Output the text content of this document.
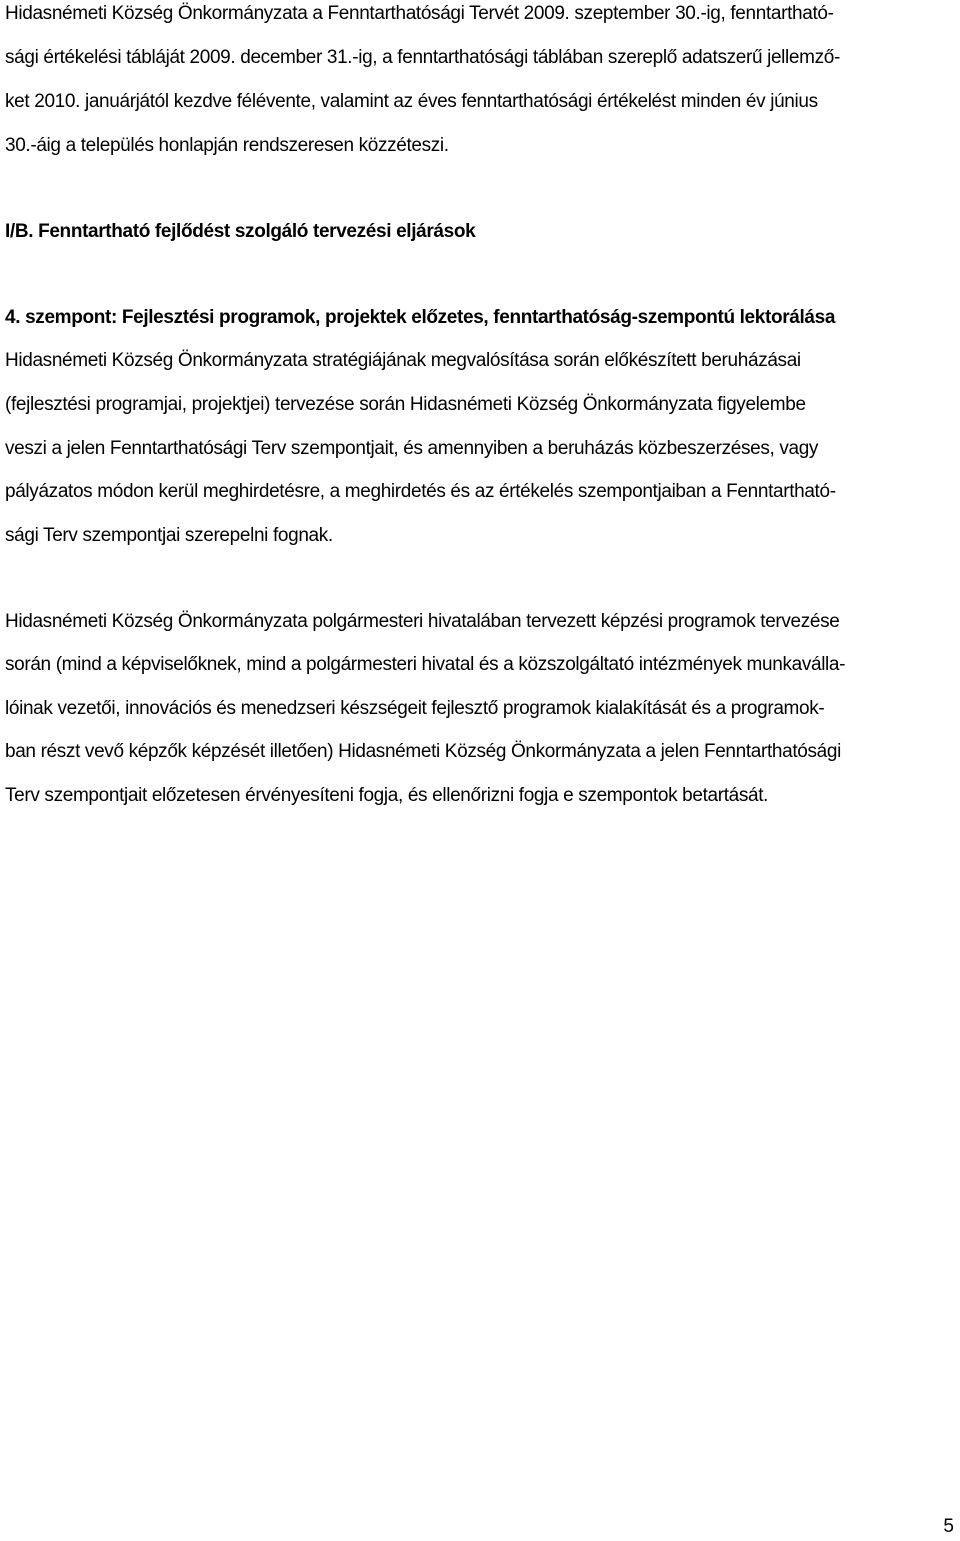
Hidasnémeti Község Önkormányzata a Fenntarthatósági Tervét 2009. szeptember 30.-ig, fenntartható-
sági értékelési tábláját 2009. december 31.-ig, a fenntarthatósági táblában szereplő adatszerű jellemző-
ket 2010. januárjától kezdve félévente, valamint az éves fenntarthatósági értékelést minden év június
30.-áig a település honlapján rendszeresen közzéteszi.
I/B. Fenntartható fejlődést szolgáló tervezési eljárások
4. szempont: Fejlesztési programok, projektek előzetes, fenntarthatóság-szempontú lektorálása
Hidasnémeti Község Önkormányzata stratégiájának megvalósítása során előkészített beruházásai
(fejlesztési programjai, projektjei) tervezése során Hidasnémeti Község Önkormányzata figyelembe
veszi a jelen Fenntarthatósági Terv szempontjait, és amennyiben a beruházás közbeszerzéses, vagy
pályázatos módon kerül meghirdetésre, a meghirdetés és az értékelés szempontjaiban a Fenntartható-
sági Terv szempontjai szerepelni fognak.
Hidasnémeti Község Önkormányzata polgármesteri hivatalában tervezett képzési programok tervezése
során (mind a képviselőknek, mind a polgármesteri hivatal és a közszolgáltató intézmények munkaválla-
lóinak vezetői, innovációs és menedzseri készségeit fejlesztő programok kialakítását és a programok-
ban részt vevő képzők képzését illetően) Hidasnémeti Község Önkormányzata a jelen Fenntarthatósági
Terv szempontjait előzetesen érvényesíteni fogja, és ellenőrizni fogja e szempontok betartását.
5
